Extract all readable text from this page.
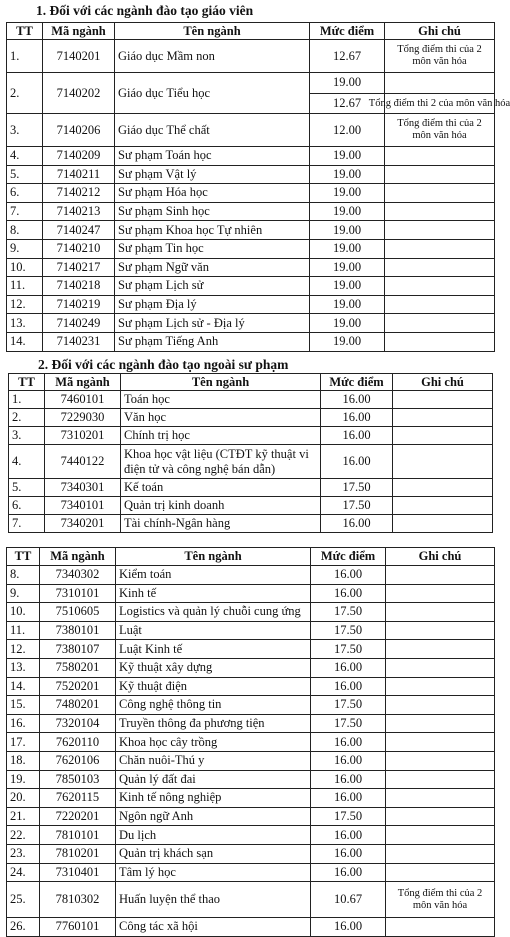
1. Đối với các ngành đào tạo giáo viên
TT	Mã ngành	Tên ngành	Mức điểm	Ghi chú
1.	7140201	Giáo dục Mầm non	12.67	Tổng điểm thi của 2 môn văn hóa
2.	7140202	Giáo dục Tiểu học	19.00
12.67	Tổng điểm thi 2 của môn văn hóa

3.	7140206	Giáo dục Thể chất	12.00	Tổng điểm thi của 2 môn văn hóa
4.	7140209	Sư phạm Toán học	19.00	
5.	7140211	Sư phạm Vật lý	19.00	
6.	7140212	Sư phạm Hóa học	19.00	
7.	7140213	Sư phạm Sinh học	19.00	
8.	7140247	Sư phạm Khoa học Tự nhiên	19.00	
9.	7140210	Sư phạm Tin học	19.00	
10.	7140217	Sư phạm Ngữ văn	19.00	
11.	7140218	Sư phạm Lịch sử	19.00	
12.	7140219	Sư phạm Địa lý	19.00	
13.	7140249	Sư phạm Lịch sử - Địa lý	19.00	
14.	7140231	Sư phạm Tiếng Anh	19.00	
2. Đối với các ngành đào tạo ngoài sư phạm
TT	Mã ngành	Tên ngành	Mức điểm	Ghi chú
1.	7460101	Toán học	16.00	
2.	7229030	Văn học	16.00	
3.	7310201	Chính trị học	16.00	
4.	7440122	Khoa học vật liệu (CTĐT kỹ thuật vi điện tử và công nghệ bán dẫn)	16.00	
5.	7340301	Kế toán	17.50	
6.	7340101	Quản trị kinh doanh	17.50	
7.	7340201	Tài chính-Ngân hàng	16.00	
TT	Mã ngành	Tên ngành	Mức điểm	Ghi chú
8.	7340302	Kiểm toán	16.00	
9.	7310101	Kinh tế	16.00	
10.	7510605	Logistics và quản lý chuỗi cung ứng	17.50	
11.	7380101	Luật	17.50	
12.	7380107	Luật Kinh tế	17.50	
13.	7580201	Kỹ thuật xây dựng	16.00	
14.	7520201	Kỹ thuật điện	16.00	
15.	7480201	Công nghệ thông tin	17.50	
16.	7320104	Truyền thông đa phương tiện	17.50	
17.	7620110	Khoa học cây trồng	16.00	
18.	7620106	Chăn nuôi-Thú y	16.00	
19.	7850103	Quản lý đất đai	16.00	
20.	7620115	Kinh tế nông nghiệp	16.00	
21.	7220201	Ngôn ngữ Anh	17.50	
22.	7810101	Du lịch	16.00	
23.	7810201	Quản trị khách sạn	16.00	
24.	7310401	Tâm lý học	16.00	
25.	7810302	Huấn luyện thể thao	10.67	Tổng điểm thi của 2 môn văn hóa
26.	7760101	Công tác xã hội	16.00	
